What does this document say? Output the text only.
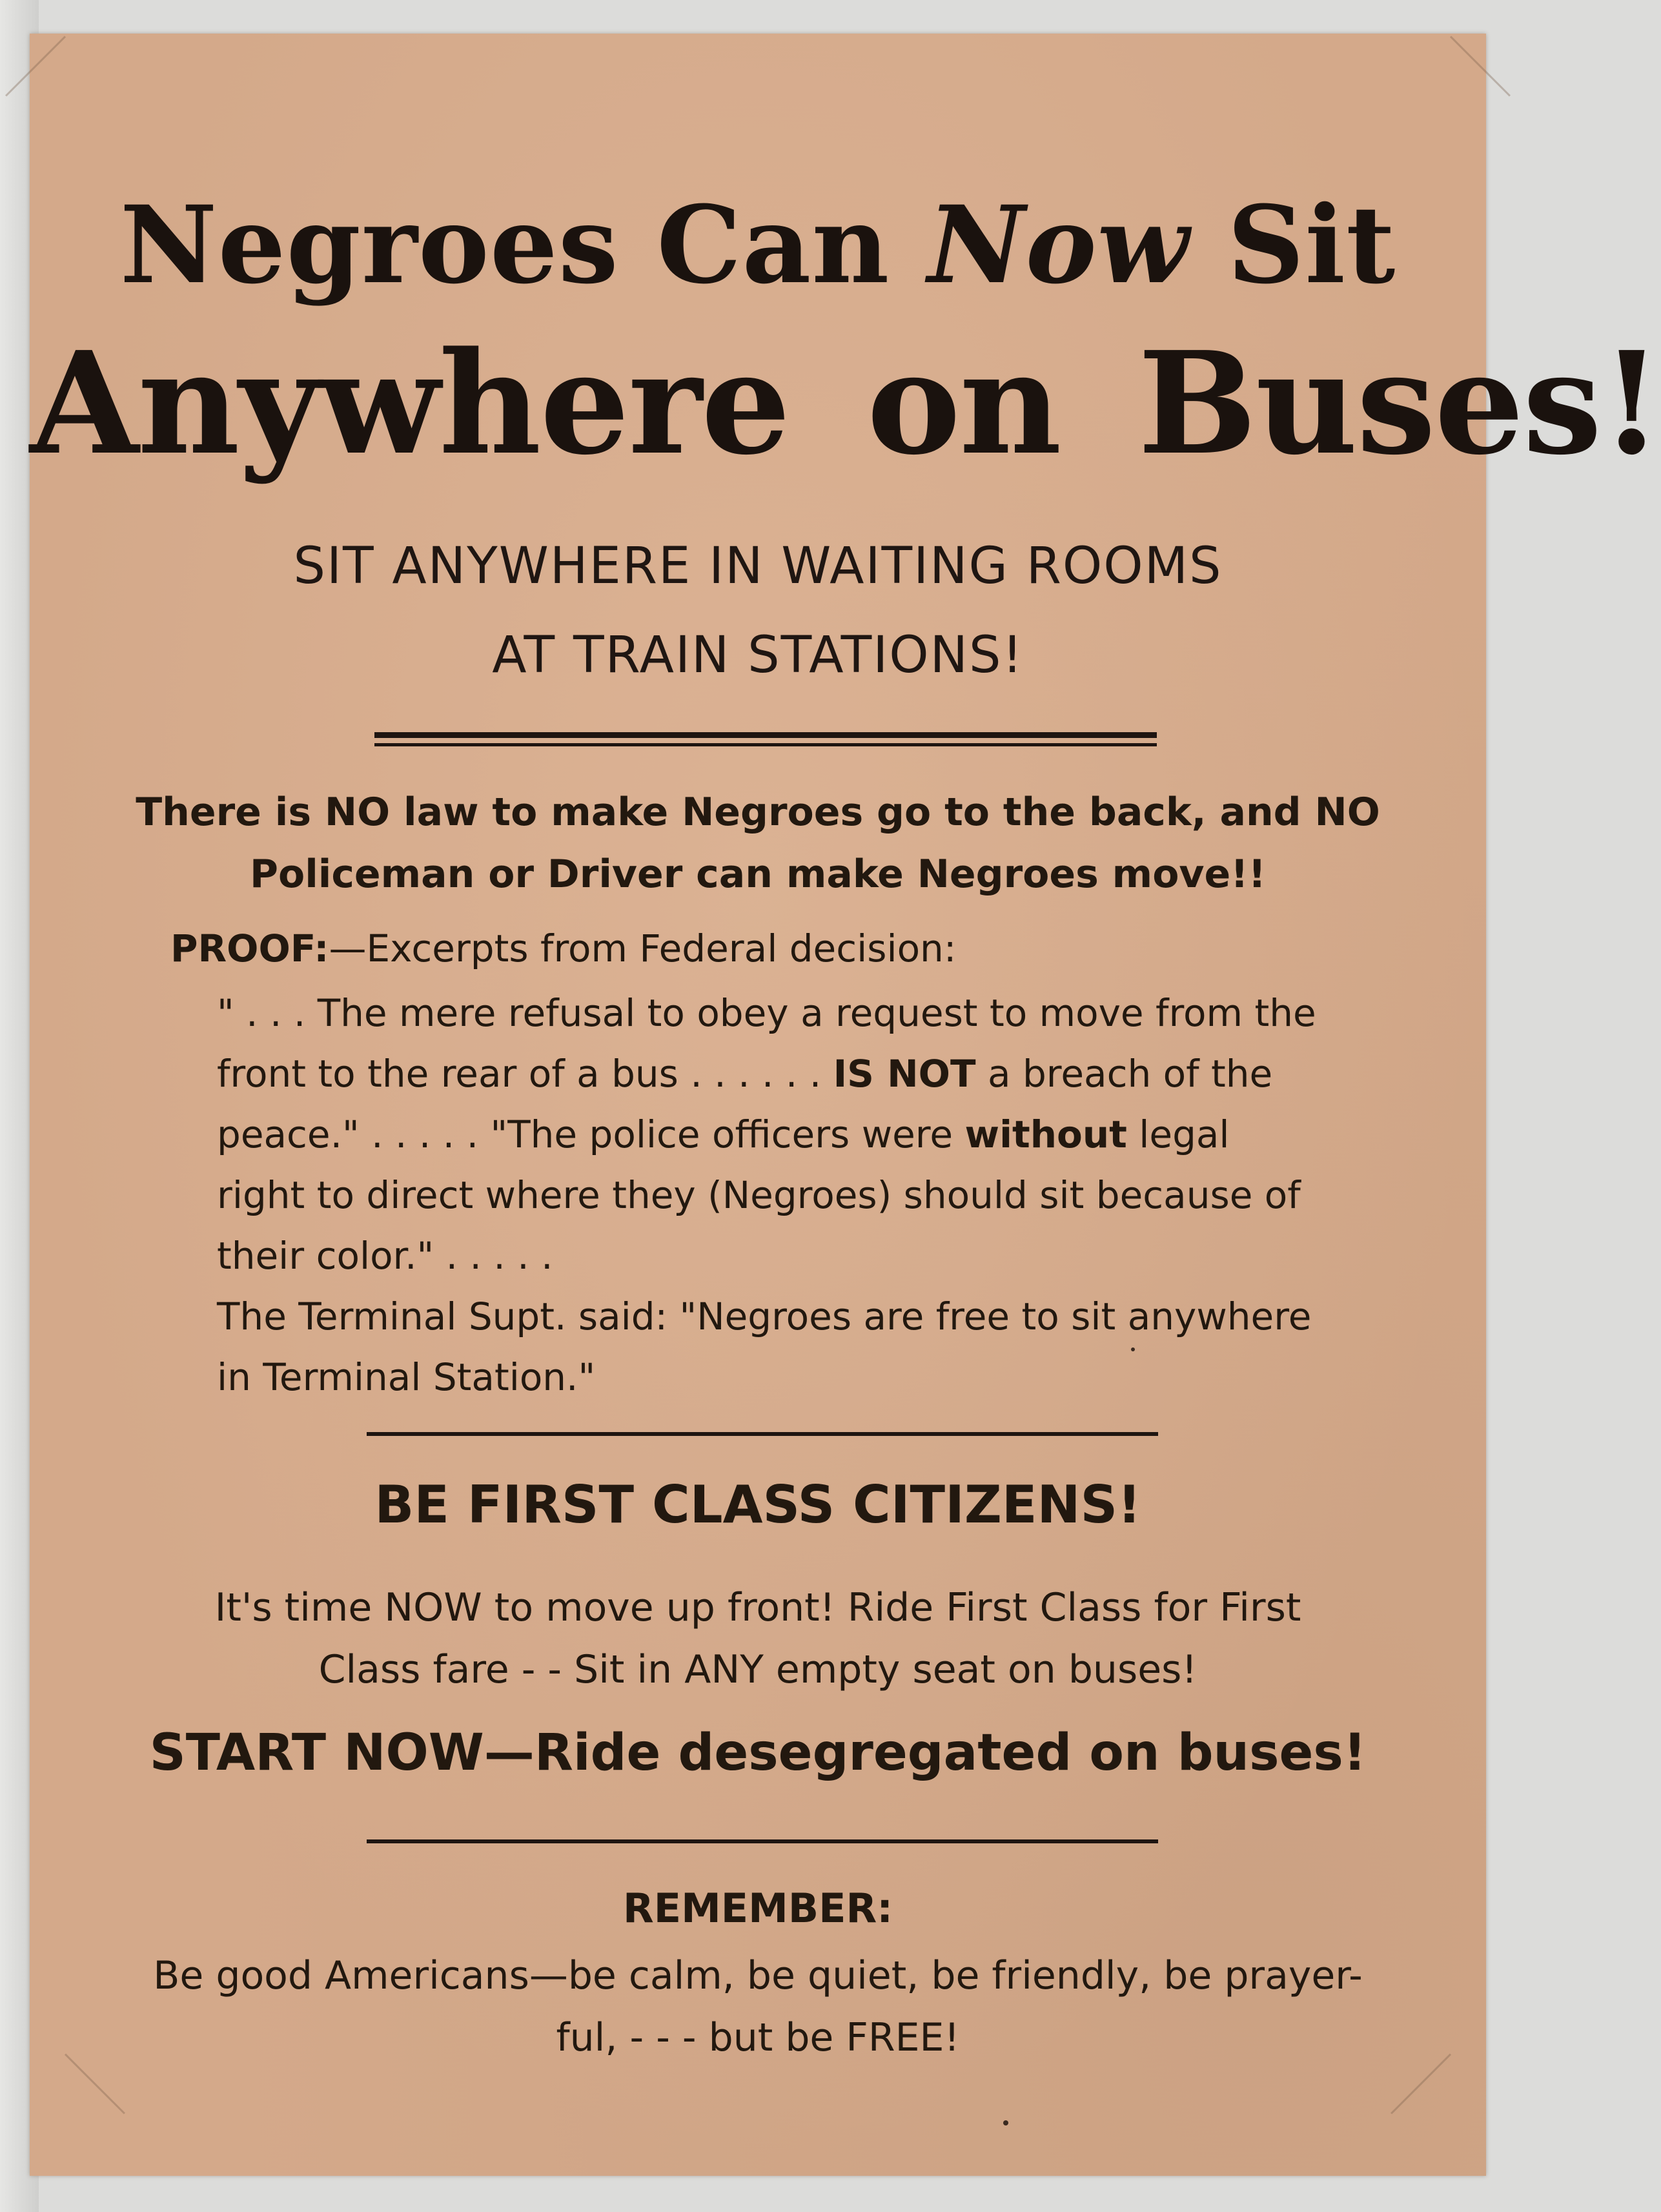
Negroes Can Now Sit
Anywhere on Buses!
SIT ANYWHERE IN WAITING ROOMS
AT TRAIN STATIONS!
There is NO law to make Negroes go to the back, and NO
Policeman or Driver can make Negroes move!!
PROOF:—Excerpts from Federal decision:
" . . . The mere refusal to obey a request to move from the
front to the rear of a bus . . . . . . IS NOT a breach of the
peace." . . . . . "The police officers were without legal
right to direct where they (Negroes) should sit because of
their color." . . . . .
The Terminal Supt. said: "Negroes are free to sit anywhere
in Terminal Station."
BE FIRST CLASS CITIZENS!
It's time NOW to move up front! Ride First Class for First
Class fare - - Sit in ANY empty seat on buses!
START NOW—Ride desegregated on buses!
REMEMBER:
Be good Americans—be calm, be quiet, be friendly, be prayer-
ful, - - - but be FREE!
